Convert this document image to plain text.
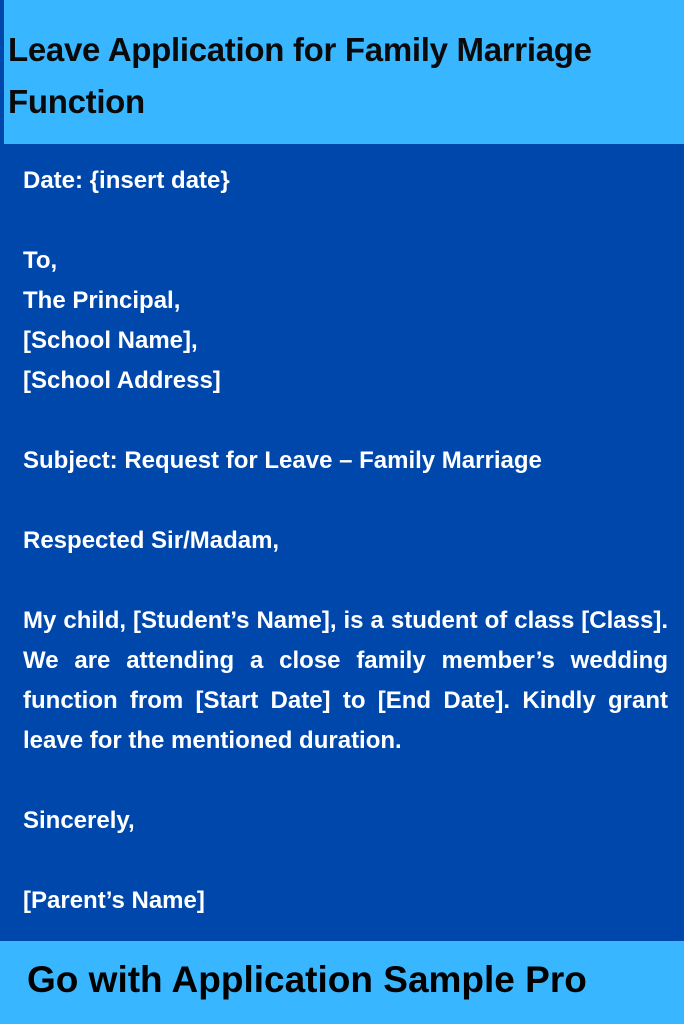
Leave Application for Family Marriage Function
Date: {insert date}
To,
The Principal,
[School Name],
[School Address]
Subject: Request for Leave – Family Marriage
Respected Sir/Madam,
My child, [Student’s Name], is a student of class [Class]. We are attending a close family member’s wedding function from [Start Date] to [End Date]. Kindly grant leave for the mentioned duration.
Sincerely,
[Parent’s Name]

Go with Application Sample Pro
